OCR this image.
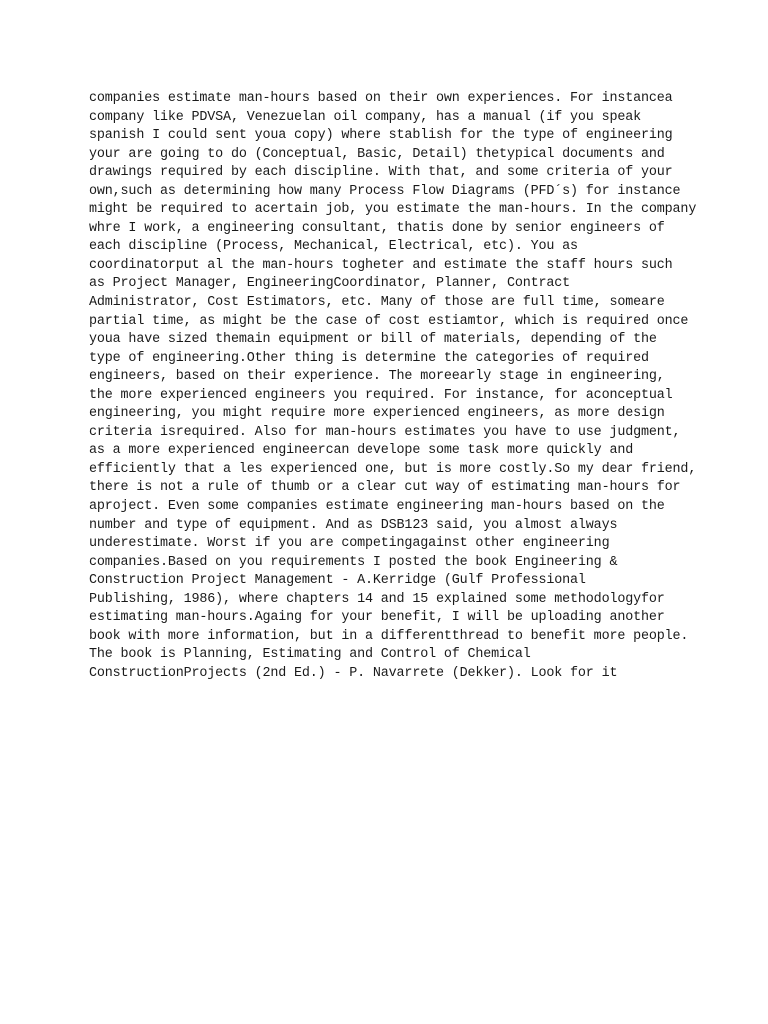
companies estimate man-hours based on their own experiences. For instancea
company like PDVSA, Venezuelan oil company, has a manual (if you speak
spanish I could sent youa copy) where stablish for the type of engineering
your are going to do (Conceptual, Basic, Detail) thetypical documents and
drawings required by each discipline. With that, and some criteria of your
own,such as determining how many Process Flow Diagrams (PFD´s) for instance
might be required to acertain job, you estimate the man-hours. In the company
whre I work, a engineering consultant, thatis done by senior engineers of
each discipline (Process, Mechanical, Electrical, etc). You as
coordinatorput al the man-hours togheter and estimate the staff hours such
as Project Manager, EngineeringCoordinator, Planner, Contract
Administrator, Cost Estimators, etc. Many of those are full time, someare
partial time, as might be the case of cost estiamtor, which is required once
youa have sized themain equipment or bill of materials, depending of the
type of engineering.Other thing is determine the categories of required
engineers, based on their experience. The moreearly stage in engineering,
the more experienced engineers you required. For instance, for aconceptual
engineering, you might require more experienced engineers, as more design
criteria isrequired. Also for man-hours estimates you have to use judgment,
as a more experienced engineercan develope some task more quickly and
efficiently that a les experienced one, but is more costly.So my dear friend,
there is not a rule of thumb or a clear cut way of estimating man-hours for
aproject. Even some companies estimate engineering man-hours based on the
number and type of equipment. And as DSB123 said, you almost always
underestimate. Worst if you are competingagainst other engineering
companies.Based on you requirements I posted the book Engineering &
Construction Project Management - A.Kerridge (Gulf Professional
Publishing, 1986), where chapters 14 and 15 explained some methodologyfor
estimating man-hours.Againg for your benefit, I will be uploading another
book with more information, but in a differentthread to benefit more people.
The book is Planning, Estimating and Control of Chemical
ConstructionProjects (2nd Ed.) - P. Navarrete (Dekker). Look for it
